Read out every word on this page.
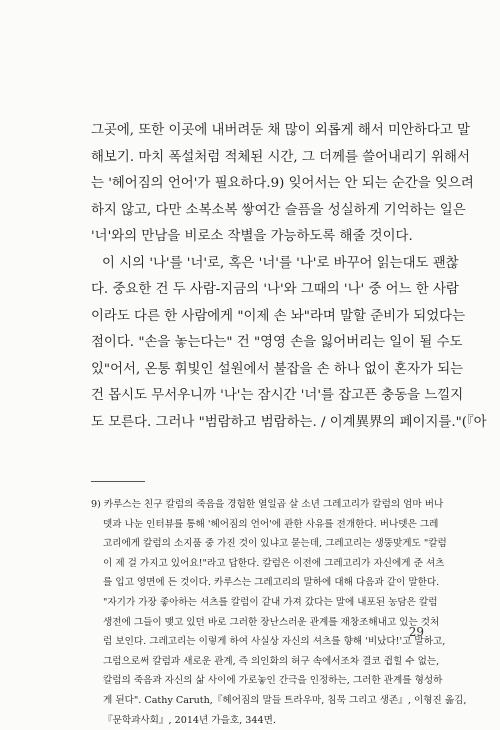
그곳에, 또한 이곳에 내버려둔 채 많이 외롭게 해서 미안하다고 말

해보기. 마치 폭설처럼 적체된 시간, 그 더께를 쓸어내리기 위해서

는 '헤어짐의 언어'가 필요하다.9) 잊어서는 안 되는 순간을 잊으려

하지 않고, 다만 소복소복 쌓여간 슬픔을 성실하게 기억하는 일은

'너'와의 만남을 비로소 작별을 가능하도록 해줄 것이다.

이 시의 '나'를 '너'로, 혹은 '너'를 '나'로 바꾸어 읽는대도 괜찮

다. 중요한 건 두 사람-지금의 '나'와 그때의 '나' 중 어느 한 사람

이라도 다른 한 사람에게 "이제 손 놔"라며 말할 준비가 되었다는

점이다. "손을 놓는다는" 건 "영영 손을 잃어버리는 일이 될 수도

있"어서, 온통 휘빛인 설원에서 불잡을 손 하나 없이 혼자가 되는

건 몹시도 무서우니까 '나'는 잠시간 '너'를 잡고픈 충동을 느낄지

도 모른다. 그러나 "범람하고 범람하는. / 이계異界의 페이지를."(『아

9) 카루스는 친구 칼럼의 죽음을 경험한 열일곱 살 소년 그레고리가 칼럼의 엄마 버나

뎃과 나눈 인터뷰를 통해 '헤어짐의 언어'에 관한 사유를 전개한다. 버나뎃은 그레

고리에게 칼럼의 소지품 중 가진 것이 있냐고 묻는데, 그레고리는 생뚱맞게도 "칼럼

이 제 걸 가지고 있어요!"라고 답한다. 칼럼은 이전에 그레고리가 자신에게 준 셔츠

를 입고 영면에 든 것이다. 카루스는 그레고리의 말하에 대해 다음과 같이 말한다.

"자기가 가장 좋아하는 셔츠를 칼럼이 같내 가져 갔다는 말에 내포된 농담은 칼럼

생전에 그들이 맺고 있던 바로 그러한 장난스러운 관계를 재창조해내고 있는 것처

럼 보인다. 그레고리는 이렇게 하여 사실상 자신의 셔츠를 향해 '비났다!'고 말하고,

그럼으로써 칼럼과 새로운 관계, 즉 의인화의 허구 속에서조차 결코 쥡힐 수 없는,

칼럼의 죽음과 자신의 삶 사이에 가로놓인 간극을 인정하는, 그러한 관계를 형성하

게 된다". Cathy Caruth,『헤어짐의 말들 트라우마, 침묵 그리고 생존』, 이형진 옮김,

『문학과사회』, 2014년 가을호, 344면.

29
